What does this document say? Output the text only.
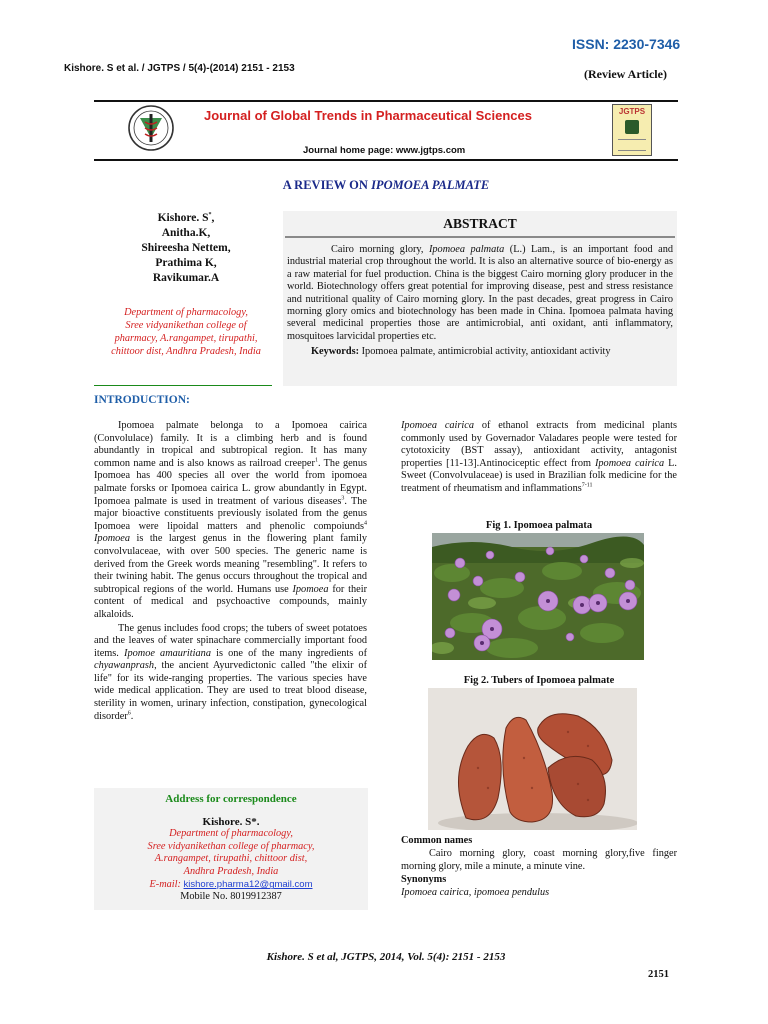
ISSN: 2230-7346
Kishore. S et al. / JGTPS / 5(4)-(2014) 2151 - 2153	(Review Article)
Journal of Global Trends in Pharmaceutical Sciences
Journal home page: www.jgtps.com
JGTPS
A REVIEW ON IPOMOEA PALMATE
Kishore. S*,
Anitha.K,
Shireesha Nettem,
Prathima K,
Ravikumar.A
Department of pharmacology,
Sree vidyanikethan college of
pharmacy, A.rangampet, tirupathi,
chittoor dist, Andhra Pradesh, India
ABSTRACT

Cairo morning glory, Ipomoea palmata (L.) Lam., is an important food and industrial material crop throughout the world. It is also an alternative source of bio-energy as a raw material for fuel production. China is the biggest Cairo morning glory producer in the world. Biotechnology offers great potential for improving disease, pest and stress resistance and nutritional quality of Cairo morning glory. In the past decades, great progress in Cairo morning glory omics and biotechnology has been made in China. Ipomoea palmata having several medicinal properties those are antimicrobial, anti oxidant, anti inflammatory, mosquitoes larvicidal properties etc.

Keywords: Ipomoea palmate, antimicrobial activity, antioxidant activity

INTRODUCTION:

Ipomoea palmate belonga to a Ipomoea cairica (Convolulace) family. It is a climbing herb and is found abundantly in tropical and subtropical region. It has many common name and is also knows as railroad creeper$^1$. The genus Ipomoea has 400 species all over the world from ipomoea palmate forsks or Ipomoea cairica L. grow abundantly in Egypt. Ipomoea palmate is used in treatment of various diseases$^3$. The major bioactive constituents previously isolated from the genus Ipomoea were lipoidal matters and phenolic compoiunds$^4$ Ipomoea is the largest genus in the flowering plant family convolvulaceae, with over 500 species. The generic name is derived from the Greek words meaning "resembling". It refers to their twining habit. The genus occurs throughout the tropical and subtropical regions of the world. Humans use Ipomoea for their content of medical and psychoactive compounds, mainly alkaloids.

The genus includes food crops; the tubers of sweet potatoes and the leaves of water spinachare commercially important food items. Ipomoe amauritiana is one of the many ingredients of chyawanprash, the ancient Ayurvedictonic called "the elixir of life" for its wide-ranging properties. The various species have wide medical application. They are used to treat blood disease, sterility in women, urinary infection, constipation, gynecological disorder$^6$.

Address for correspondence
Kishore. S*.
Department of pharmacology,
Sree vidyanikethan college of pharmacy,
A.rangampet, tirupathi, chittoor dist,
Andhra Pradesh, India
E-mail: kishore.pharma12@gmail.com
Mobile No. 8019912387

Ipomoea cairica of ethanol extracts from medicinal plants commonly used by Governador Valadares people were tested for cytotoxicity (BST assay), antioxidant activity, antagonist properties [11-13].Antinociceptic effect from Ipomoea cairica L. Sweet (Convolvulaceae) is used in Brazilian folk medicine for the treatment of rheumatism and inflammations$^{7-11}$

Fig 1. Ipomoea palmata
Fig 2. Tubers of Ipomoea palmate
Common names

Cairo morning glory, coast morning glory,five finger morning glory, mile a minute, a minute vine.

Synonyms
Ipomoea cairica, ipomoea pendulus
Kishore. S et al, JGTPS, 2014, Vol. 5(4): 2151 - 2153
2151
